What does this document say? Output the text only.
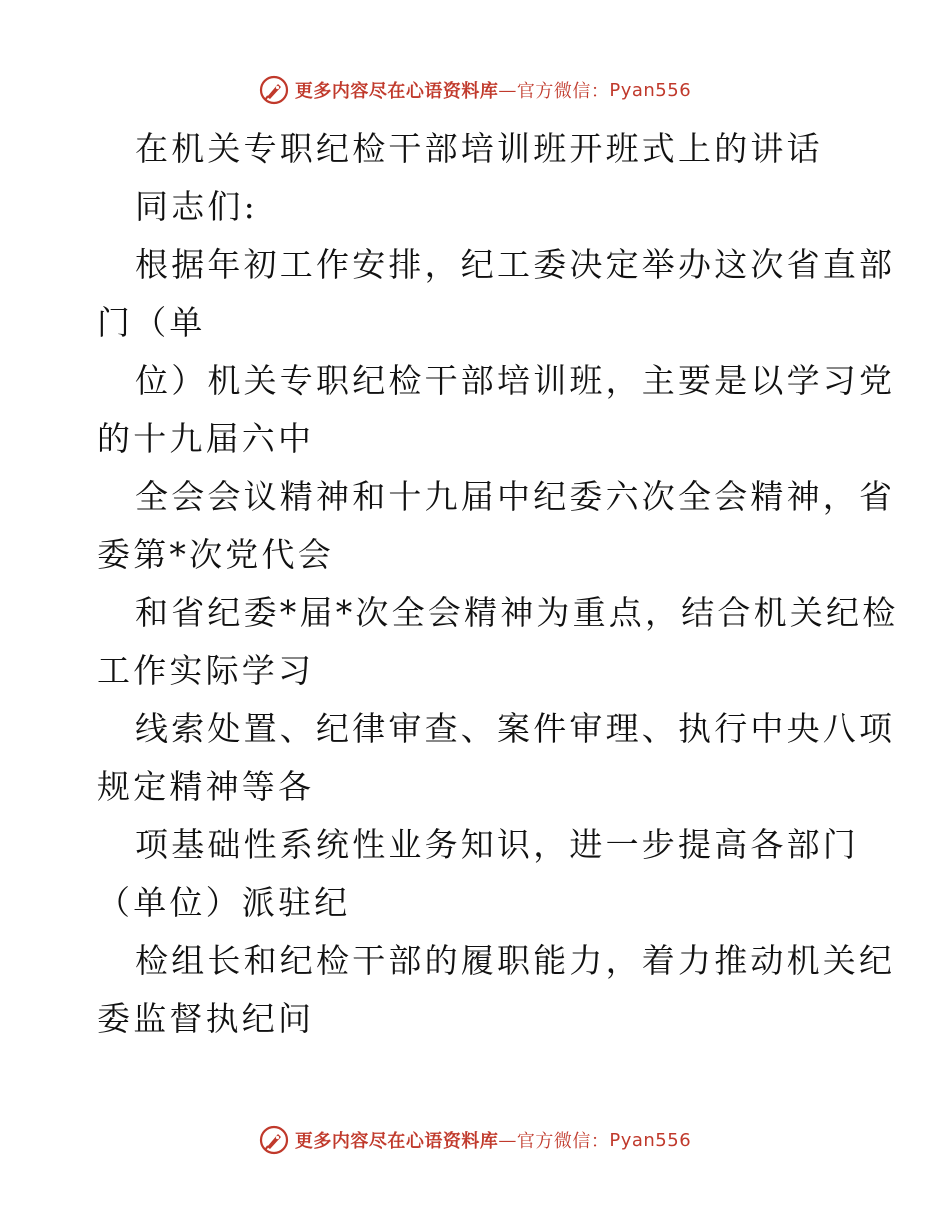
更多内容尽在心语资料库 — 官方微信： Pyan556
在机关专职纪检干部培训班开班式上的讲话
同志们:
根据年初工作安排，纪工委决定举办这次省直部
门（单
位）机关专职纪检干部培训班，主要是以学习党
的十九届六中
全会会议精神和十九届中纪委六次全会精神，省
委第*次党代会
和省纪委*届*次全会精神为重点，结合机关纪检
工作实际学习
线索处置、纪律审查、案件审理、执行中央八项
规定精神等各
项基础性系统性业务知识，进一步提高各部门
（单位）派驻纪
检组长和纪检干部的履职能力，着力推动机关纪
委监督执纪问
更多内容尽在心语资料库 — 官方微信： Pyan556
